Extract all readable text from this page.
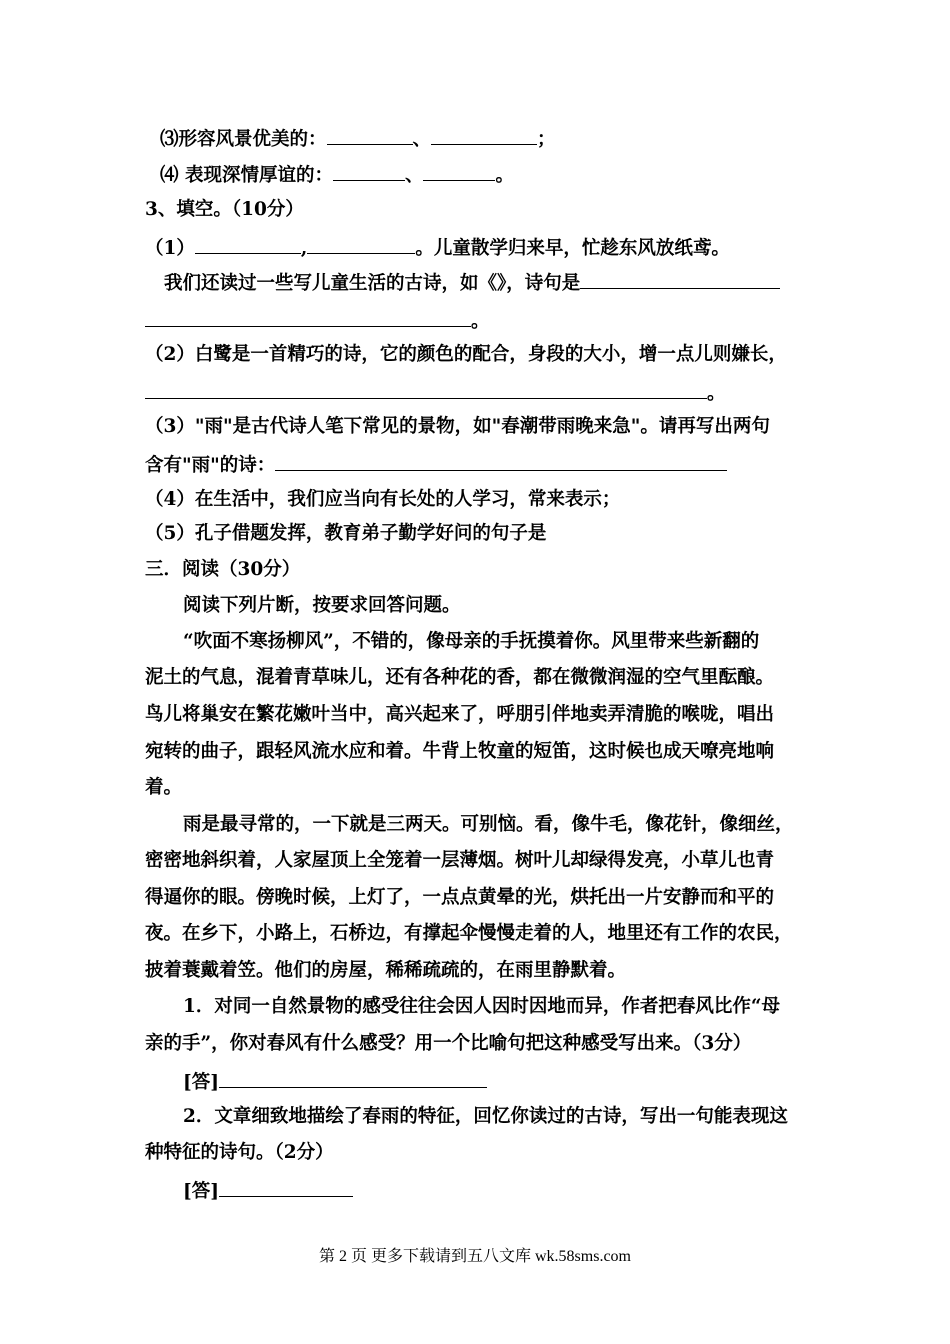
⑶形容风景优美的：	、	；
⑷ 表现深情厚谊的：	、	。
3、填空。（10分）
（1）	,	。儿童散学归来早，忙趁东风放纸鸢。
我们还读过一些写儿童生活的古诗，如《》，诗句是
。
（2）白鹭是一首精巧的诗，它的颜色的配合，身段的大小，增一点儿则嫌长，
。
（3）"雨"是古代诗人笔下常见的景物，如"春潮带雨晚来急"。请再写出两句
含有"雨"的诗：
（4）在生活中，我们应当向有长处的人学习，常来表示；
（5）孔子借题发挥，教育弟子勤学好问的句子是
三．阅读（30分）
阅读下列片断，按要求回答问题。
“吹面不寒扬柳风”，不错的，像母亲的手抚摸着你。风里带来些新翻的
泥土的气息，混着青草味儿，还有各种花的香，都在微微润湿的空气里酝酿。
鸟儿将巢安在繁花嫩叶当中，高兴起来了，呼朋引伴地卖弄清脆的喉咙，唱出
宛转的曲子，跟轻风流水应和着。牛背上牧童的短笛，这时候也成天嘹亮地响
着。
雨是最寻常的，一下就是三两天。可别恼。看，像牛毛，像花针，像细丝，
密密地斜织着，人家屋顶上全笼着一层薄烟。树叶儿却绿得发亮，小草儿也青
得逼你的眼。傍晚时候，上灯了，一点点黄晕的光，烘托出一片安静而和平的
夜。在乡下，小路上，石桥边，有撑起伞慢慢走着的人，地里还有工作的农民，
披着蓑戴着笠。他们的房屋，稀稀疏疏的，在雨里静默着。
1．对同一自然景物的感受往往会因人因时因地而异，作者把春风比作“母
亲的手”，你对春风有什么感受？用一个比喻句把这种感受写出来。（3分）
[答]
2．文章细致地描绘了春雨的特征，回忆你读过的古诗，写出一句能表现这
种特征的诗句。（2分）
[答]
第 2 页 更多下载请到五八文库 wk.58sms.com
